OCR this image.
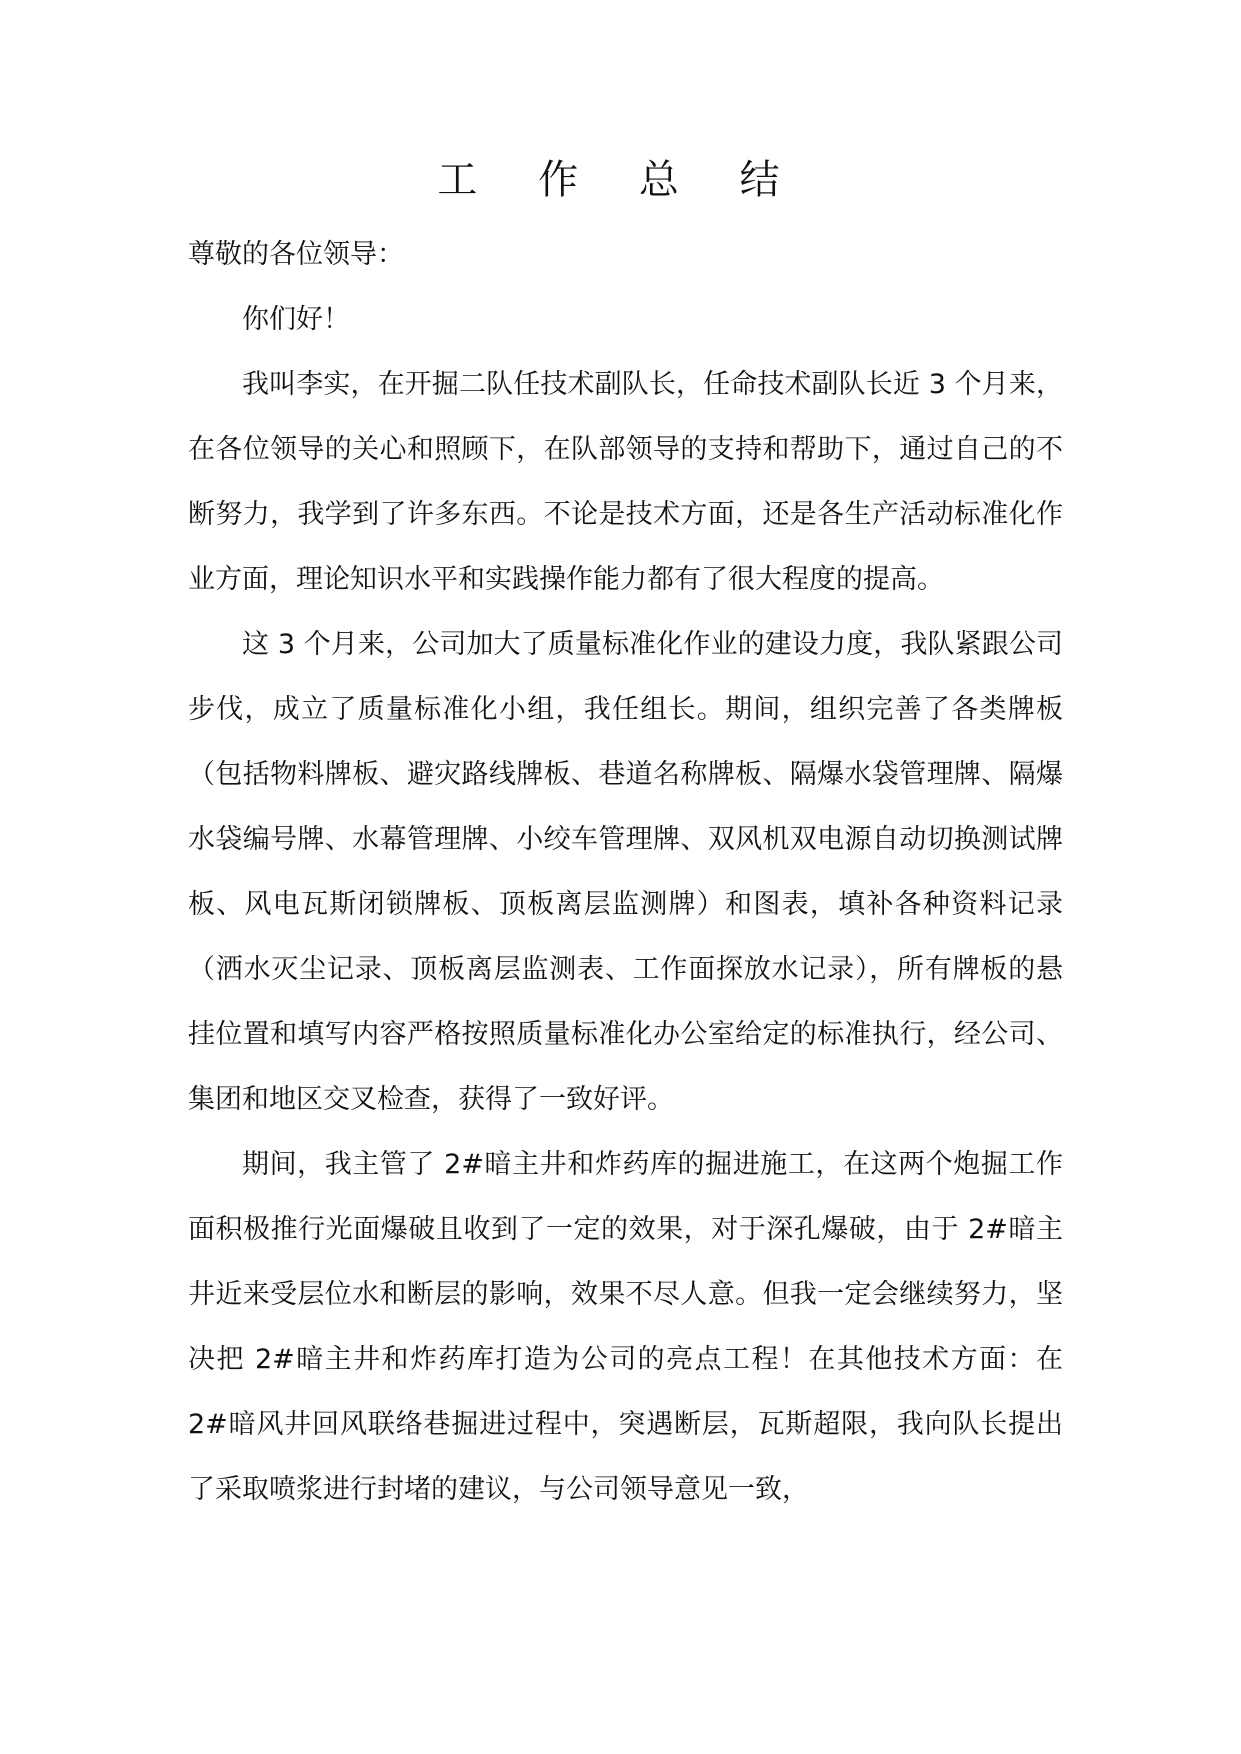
工 作 总 结

尊敬的各位领导：

你们好！

我叫李实，在开掘二队任技术副队长，任命技术副队长近 3 个月来，在各位领导的关心和照顾下，在队部领导的支持和帮助下，通过自己的不断努力，我学到了许多东西。不论是技术方面，还是各生产活动标准化作业方面，理论知识水平和实践操作能力都有了很大程度的提高。

这 3 个月来，公司加大了质量标准化作业的建设力度，我队紧跟公司步伐，成立了质量标准化小组，我任组长。期间，组织完善了各类牌板（包括物料牌板、避灾路线牌板、巷道名称牌板、隔爆水袋管理牌、隔爆水袋编号牌、水幕管理牌、小绞车管理牌、双风机双电源自动切换测试牌板、风电瓦斯闭锁牌板、顶板离层监测牌）和图表，填补各种资料记录（洒水灭尘记录、顶板离层监测表、工作面探放水记录），所有牌板的悬挂位置和填写内容严格按照质量标准化办公室给定的标准执行，经公司、集团和地区交叉检查，获得了一致好评。

期间，我主管了 2#暗主井和炸药库的掘进施工，在这两个炮掘工作面积极推行光面爆破且收到了一定的效果，对于深孔爆破，由于 2#暗主井近来受层位水和断层的影响，效果不尽人意。但我一定会继续努力，坚决把 2#暗主井和炸药库打造为公司的亮点工程！在其他技术方面：在 2#暗风井回风联络巷掘进过程中，突遇断层，瓦斯超限，我向队长提出了采取喷浆进行封堵的建议，与公司领导意见一致，
